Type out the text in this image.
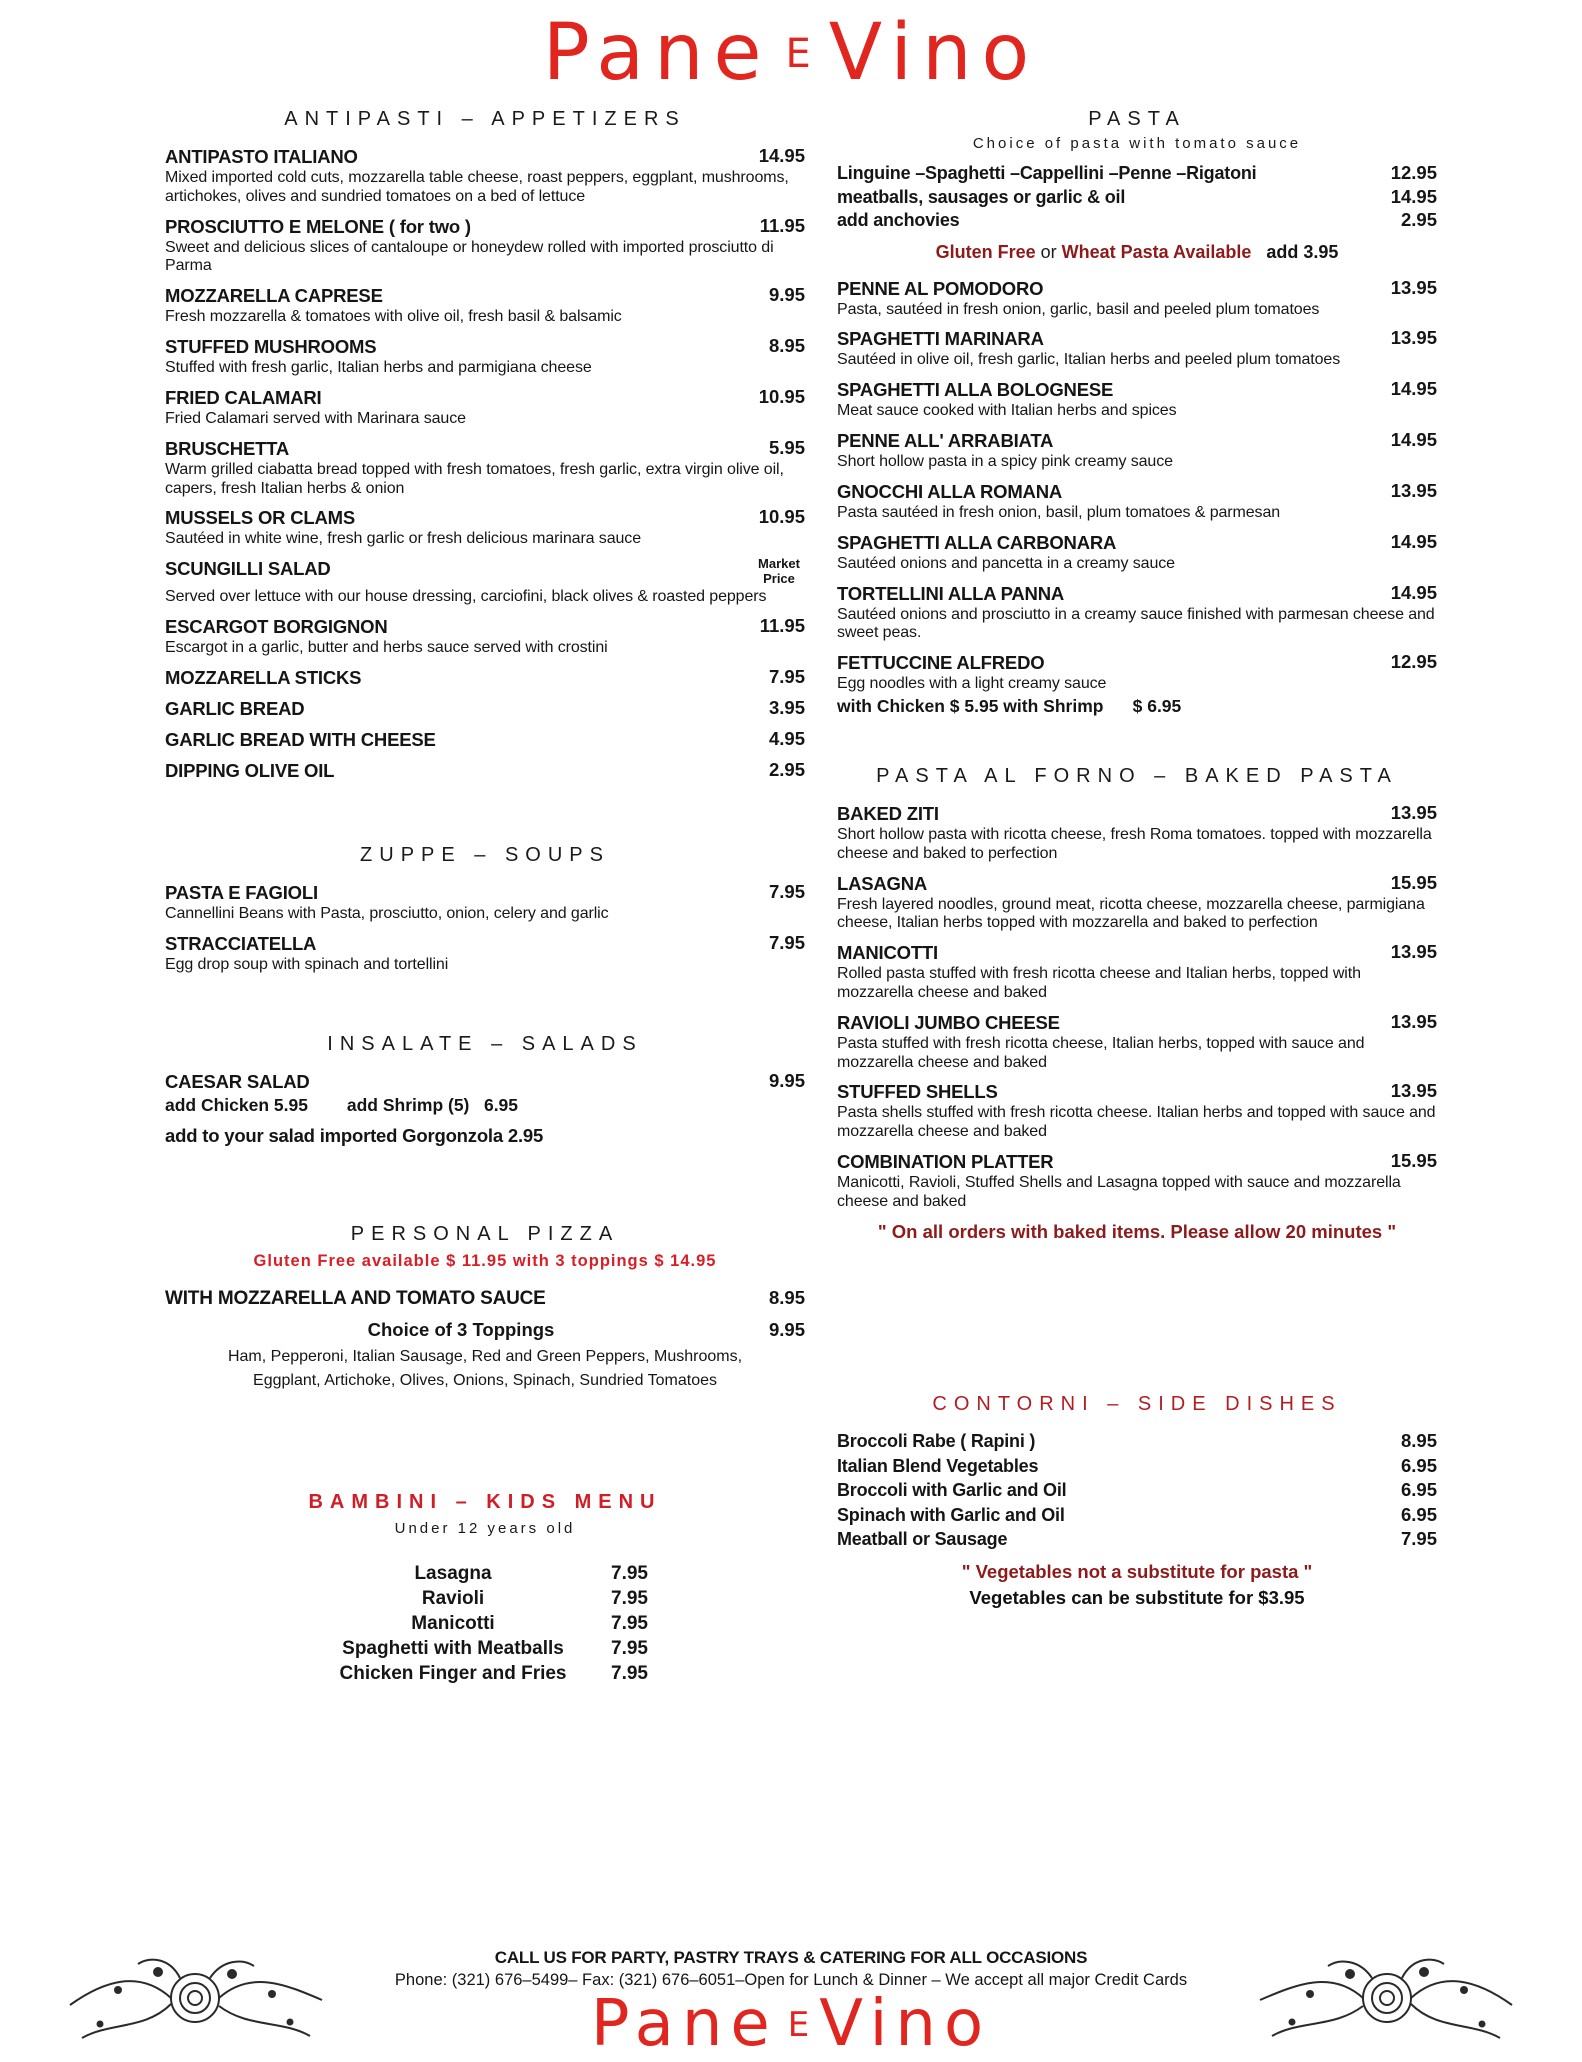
Pane E Vino
ANTIPASTI – APPETIZERS
ANTIPASTO ITALIANO	14.95
Mixed imported cold cuts, mozzarella table cheese, roast peppers, eggplant, mushrooms, artichokes, olives and sundried tomatoes on a bed of lettuce
PROSCIUTTO E MELONE ( for two )	11.95
Sweet and delicious slices of cantaloupe or honeydew rolled with imported prosciutto di Parma
MOZZARELLA CAPRESE	9.95
Fresh mozzarella & tomatoes with olive oil, fresh basil & balsamic
STUFFED MUSHROOMS	8.95
Stuffed with fresh garlic, Italian herbs and parmigiana cheese
FRIED CALAMARI	10.95
Fried Calamari served with Marinara sauce
BRUSCHETTA	5.95
Warm grilled ciabatta bread topped with fresh tomatoes, fresh garlic, extra virgin olive oil, capers, fresh Italian herbs & onion
MUSSELS OR CLAMS	10.95
Sautéed in white wine, fresh garlic or fresh delicious marinara sauce
SCUNGILLI SALAD	Market Price
Served over lettuce with our house dressing, carciofini, black olives & roasted peppers
ESCARGOT BORGIGNON	11.95
Escargot in a garlic, butter and herbs sauce served with crostini
MOZZARELLA STICKS	7.95
GARLIC BREAD	3.95
GARLIC BREAD WITH CHEESE	4.95
DIPPING OLIVE OIL	2.95
ZUPPE – SOUPS
PASTA E FAGIOLI	7.95
Cannellini Beans with Pasta, prosciutto, onion, celery and garlic
STRACCIATELLA	7.95
Egg drop soup with spinach and tortellini
INSALATE – SALADS
CAESAR SALAD	9.95
add Chicken 5.95        add Shrimp (5)   6.95
add to your salad imported Gorgonzola 2.95
PERSONAL PIZZA
Gluten Free available $ 11.95 with 3 toppings $ 14.95
WITH MOZZARELLA AND TOMATO SAUCE	8.95
Choice of 3 Toppings	9.95
Ham, Pepperoni, Italian Sausage, Red and Green Peppers, Mushrooms,
Eggplant, Artichoke, Olives, Onions, Spinach, Sundried Tomatoes
BAMBINI – KIDS MENU
Under 12 years old
Lasagna	7.95
Ravioli	7.95
Manicotti	7.95
Spaghetti with Meatballs	7.95
Chicken Finger and Fries	7.95
PASTA
Choice of pasta with tomato sauce
Linguine –Spaghetti –Cappellini –Penne –Rigatoni	12.95
meatballs, sausages or garlic & oil	14.95
add anchovies	2.95
Gluten Free or Wheat Pasta Available   add 3.95
PENNE AL POMODORO	13.95
Pasta, sautéed in fresh onion, garlic, basil and peeled plum tomatoes
SPAGHETTI MARINARA	13.95
Sautéed in olive oil, fresh garlic, Italian herbs and peeled plum tomatoes
SPAGHETTI ALLA BOLOGNESE	14.95
Meat sauce cooked with Italian herbs and spices
PENNE ALL' ARRABIATA	14.95
Short hollow pasta in a spicy pink creamy sauce
GNOCCHI ALLA ROMANA	13.95
Pasta sautéed in fresh onion, basil, plum tomatoes & parmesan
SPAGHETTI ALLA CARBONARA	14.95
Sautéed onions and pancetta in a creamy sauce
TORTELLINI ALLA PANNA	14.95
Sautéed onions and prosciutto in a creamy sauce finished with parmesan cheese and sweet peas.
FETTUCCINE ALFREDO	12.95
Egg noodles with a light creamy sauce
with Chicken $ 5.95 with Shrimp      $ 6.95
PASTA AL FORNO – BAKED PASTA
BAKED ZITI	13.95
Short hollow pasta with ricotta cheese, fresh Roma tomatoes. topped with mozzarella cheese and baked to perfection
LASAGNA	15.95
Fresh layered noodles, ground meat, ricotta cheese, mozzarella cheese, parmigiana cheese, Italian herbs topped with mozzarella and baked to perfection
MANICOTTI	13.95
Rolled pasta stuffed with fresh ricotta cheese and Italian herbs, topped with mozzarella cheese and baked
RAVIOLI JUMBO CHEESE	13.95
Pasta stuffed with fresh ricotta cheese, Italian herbs, topped with sauce and mozzarella cheese and baked
STUFFED SHELLS	13.95
Pasta shells stuffed with fresh ricotta cheese. Italian herbs and topped with sauce and mozzarella cheese and baked
COMBINATION PLATTER	15.95
Manicotti, Ravioli, Stuffed Shells and Lasagna topped with sauce and mozzarella cheese and baked
" On all orders with baked items. Please allow 20 minutes "
CONTORNI – SIDE DISHES
Broccoli Rabe ( Rapini )	8.95
Italian Blend Vegetables	6.95
Broccoli with Garlic and Oil	6.95
Spinach with Garlic and Oil	6.95
Meatball or Sausage	7.95
" Vegetables not a substitute for pasta "
Vegetables can be substitute for $3.95
CALL US FOR PARTY, PASTRY TRAYS & CATERING FOR ALL OCCASIONS
Phone: (321) 676–5499– Fax: (321) 676–6051–Open for Lunch & Dinner – We accept all major Credit Cards
Pane E Vino
